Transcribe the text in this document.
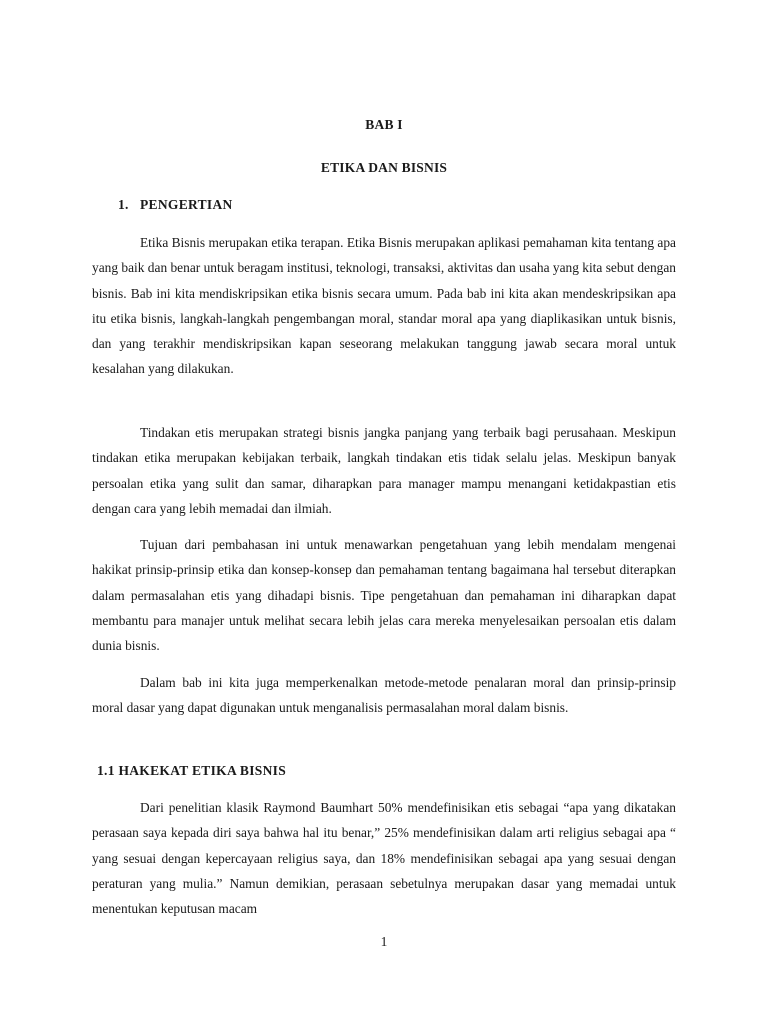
BAB I

ETIKA DAN BISNIS

1. PENGERTIAN

Etika Bisnis merupakan etika terapan. Etika Bisnis merupakan aplikasi pemahaman kita tentang apa yang baik dan benar untuk beragam institusi, teknologi, transaksi, aktivitas dan usaha yang kita sebut dengan bisnis. Bab ini kita mendiskripsikan etika bisnis secara umum. Pada bab ini kita akan mendeskripsikan apa itu etika bisnis, langkah-langkah pengembangan moral, standar moral apa yang diaplikasikan untuk bisnis, dan yang terakhir mendiskripsikan kapan seseorang melakukan tanggung jawab secara moral untuk kesalahan yang dilakukan.

Tindakan etis merupakan strategi bisnis jangka panjang yang terbaik bagi perusahaan. Meskipun tindakan etika merupakan kebijakan terbaik, langkah tindakan etis tidak selalu jelas. Meskipun banyak persoalan etika yang sulit dan samar, diharapkan para manager mampu menangani ketidakpastian etis dengan cara yang lebih memadai dan ilmiah.

Tujuan dari pembahasan ini untuk menawarkan pengetahuan yang lebih mendalam mengenai hakikat prinsip-prinsip etika dan konsep-konsep dan pemahaman tentang bagaimana hal tersebut diterapkan dalam permasalahan etis yang dihadapi bisnis. Tipe pengetahuan dan pemahaman ini diharapkan dapat membantu para manajer untuk melihat secara lebih jelas cara mereka menyelesaikan persoalan etis dalam dunia bisnis.

Dalam bab ini kita juga memperkenalkan metode-metode penalaran moral dan prinsip-prinsip moral dasar yang dapat digunakan untuk menganalisis permasalahan moral dalam bisnis.

1.1 HAKEKAT ETIKA BISNIS

Dari penelitian klasik Raymond Baumhart 50% mendefinisikan etis sebagai “apa yang dikatakan perasaan saya kepada diri saya bahwa hal itu benar,” 25% mendefinisikan dalam arti religius sebagai apa “ yang sesuai dengan kepercayaan religius saya, dan 18% mendefinisikan sebagai apa yang sesuai dengan peraturan yang mulia.” Namun demikian, perasaan sebetulnya merupakan dasar yang memadai untuk menentukan keputusan macam

1
